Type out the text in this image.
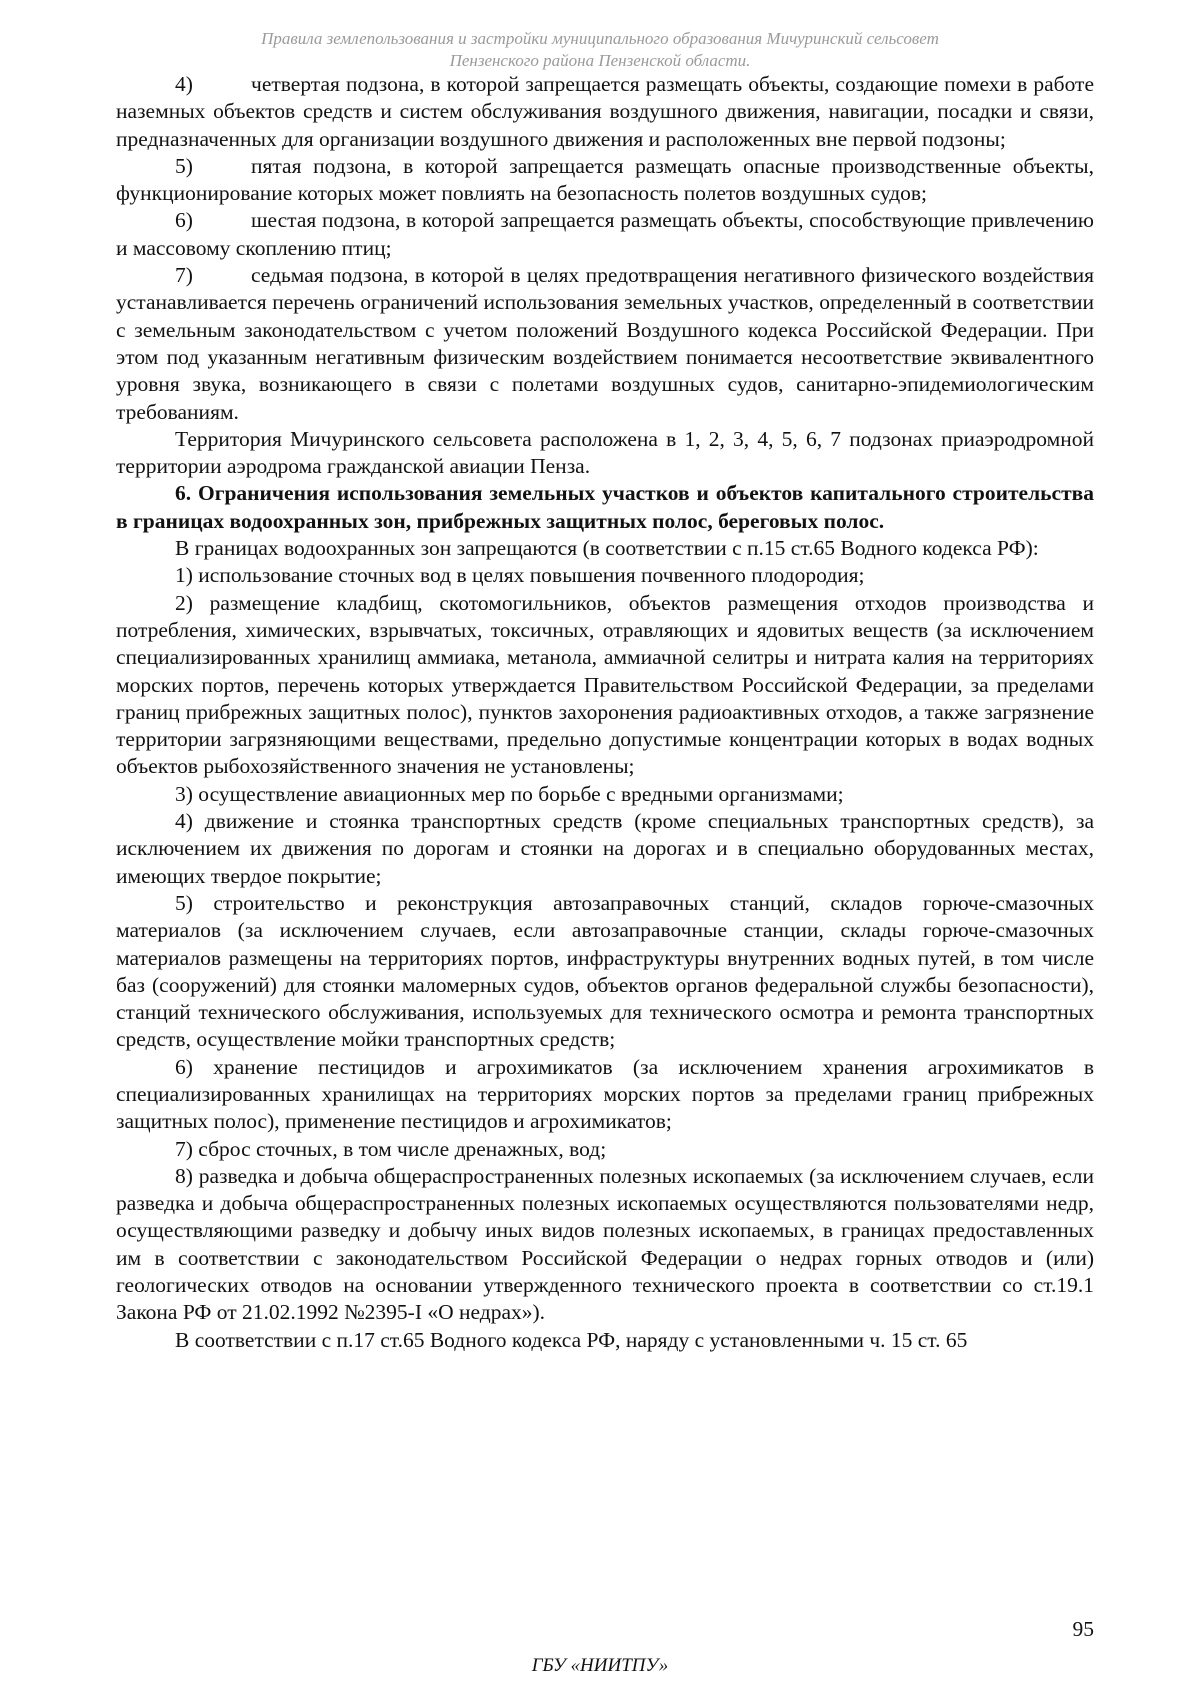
Правила землепользования и застройки муниципального образования Мичуринский сельсовет
Пензенского района Пензенской области.

4)	четвертая подзона, в которой запрещается размещать объекты, создающие помехи в работе наземных объектов средств и систем обслуживания воздушного движения, навигации, посадки и связи, предназначенных для организации воздушного движения и расположенных вне первой подзоны;

5)	пятая подзона, в которой запрещается размещать опасные производственные объекты, функционирование которых может повлиять на безопасность полетов воздушных судов;

6)	шестая подзона, в которой запрещается размещать объекты, способствующие привлечению и массовому скоплению птиц;

7)	седьмая подзона, в которой в целях предотвращения негативного физического воздействия устанавливается перечень ограничений использования земельных участков, определенный в соответствии с земельным законодательством с учетом положений Воздушного кодекса Российской Федерации. При этом под указанным негативным физическим воздействием понимается несоответствие эквивалентного уровня звука, возникающего в связи с полетами воздушных судов, санитарно-эпидемиологическим требованиям.

Территория Мичуринского сельсовета расположена в 1, 2, 3, 4, 5, 6, 7 подзонах приаэродромной территории аэродрома гражданской авиации Пенза.

6. Ограничения использования земельных участков и объектов капитального строительства в границах водоохранных зон, прибрежных защитных полос, береговых полос.

В границах водоохранных зон запрещаются (в соответствии с п.15 ст.65 Водного кодекса РФ):

1) использование сточных вод в целях повышения почвенного плодородия;

2) размещение кладбищ, скотомогильников, объектов размещения отходов производства и потребления, химических, взрывчатых, токсичных, отравляющих и ядовитых веществ (за исключением специализированных хранилищ аммиака, метанола, аммиачной селитры и нитрата калия на территориях морских портов, перечень которых утверждается Правительством Российской Федерации, за пределами границ прибрежных защитных полос), пунктов захоронения радиоактивных отходов, а также загрязнение территории загрязняющими веществами, предельно допустимые концентрации которых в водах водных объектов рыбохозяйственного значения не установлены;

3) осуществление авиационных мер по борьбе с вредными организмами;

4) движение и стоянка транспортных средств (кроме специальных транспортных средств), за исключением их движения по дорогам и стоянки на дорогах и в специально оборудованных местах, имеющих твердое покрытие;

5) строительство и реконструкция автозаправочных станций, складов горюче-смазочных материалов (за исключением случаев, если автозаправочные станции, склады горюче-смазочных материалов размещены на территориях портов, инфраструктуры внутренних водных путей, в том числе баз (сооружений) для стоянки маломерных судов, объектов органов федеральной службы безопасности), станций технического обслуживания, используемых для технического осмотра и ремонта транспортных средств, осуществление мойки транспортных средств;

6) хранение пестицидов и агрохимикатов (за исключением хранения агрохимикатов в специализированных хранилищах на территориях морских портов за пределами границ прибрежных защитных полос), применение пестицидов и агрохимикатов;

7) сброс сточных, в том числе дренажных, вод;

8) разведка и добыча общераспространенных полезных ископаемых (за исключением случаев, если разведка и добыча общераспространенных полезных ископаемых осуществляются пользователями недр, осуществляющими разведку и добычу иных видов полезных ископаемых, в границах предоставленных им в соответствии с законодательством Российской Федерации о недрах горных отводов и (или) геологических отводов на основании утвержденного технического проекта в соответствии со ст.19.1 Закона РФ от 21.02.1992 №2395-I «О недрах»).

В соответствии с п.17 ст.65 Водного кодекса РФ, наряду с установленными ч. 15 ст. 65

95
ГБУ «НИИТПУ»
